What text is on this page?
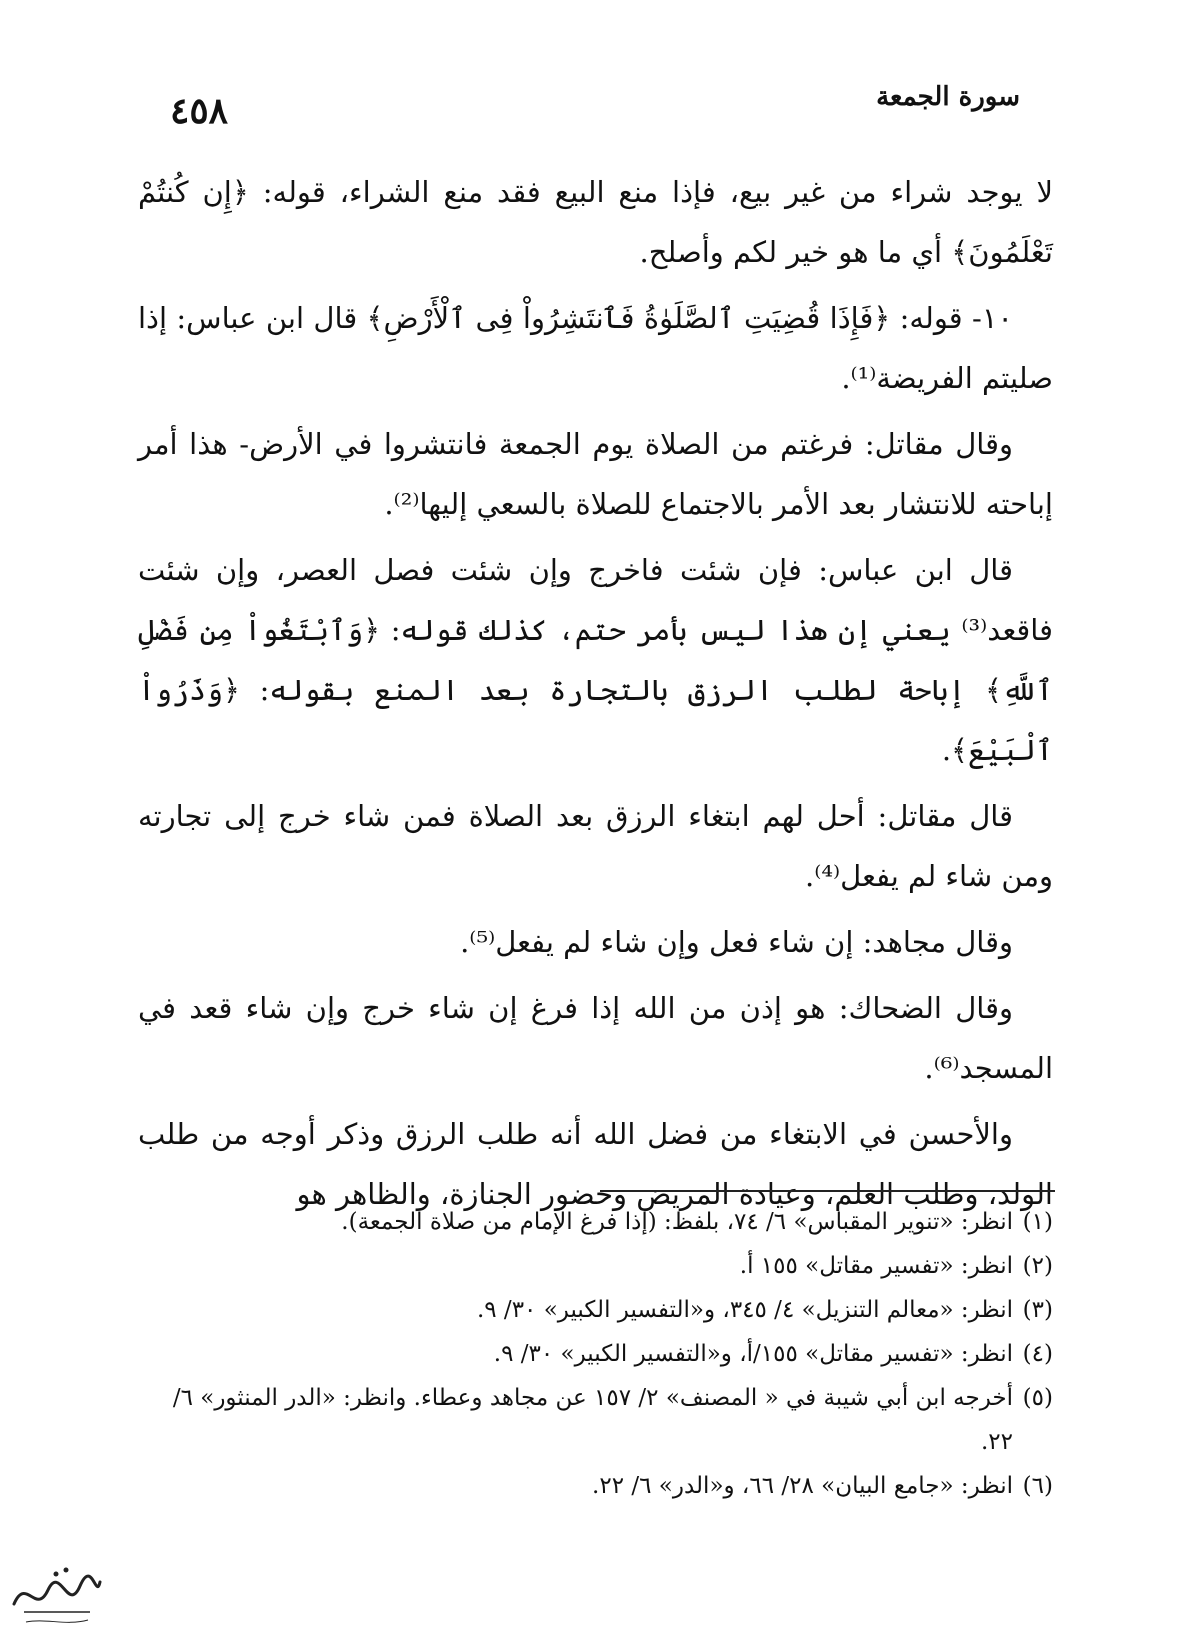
٤٥٨	سورة الجمعة

لا يوجد شراء من غير بيع، فإذا منع البيع فقد منع الشراء، قوله: ﴿إِن كُنتُمْ تَعْلَمُونَ﴾ أي ما هو خير لكم وأصلح.

١٠- قوله: ﴿فَإِذَا قُضِيَتِ ٱلصَّلَوٰةُ فَٱنتَشِرُواْ فِى ٱلْأَرْضِ﴾ قال ابن عباس: إذا صليتم الفريضة⁽¹⁾.

وقال مقاتل: فرغتم من الصلاة يوم الجمعة فانتشروا في الأرض- هذا أمر إباحته للانتشار بعد الأمر بالاجتماع للصلاة بالسعي إليها⁽²⁾.

قال ابن عباس: فإن شئت فاخرج وإن شئت فصل العصر، وإن شئت فاقعد⁽³⁾ يعني إن هذا ليس بأمر حتم، كذلك قوله: ﴿وَٱبْتَغُواْ مِن فَضْلِ ٱللَّهِ﴾ إباحة لطلب الرزق بالتجارة بعد المنع بقوله: ﴿وَذَرُواْ ٱلْبَيْعَ﴾.

قال مقاتل: أحل لهم ابتغاء الرزق بعد الصلاة فمن شاء خرج إلى تجارته ومن شاء لم يفعل⁽⁴⁾.

وقال مجاهد: إن شاء فعل وإن شاء لم يفعل⁽⁵⁾.

وقال الضحاك: هو إذن من الله إذا فرغ إن شاء خرج وإن شاء قعد في المسجد⁽⁶⁾.

والأحسن في الابتغاء من فضل الله أنه طلب الرزق وذكر أوجه من طلب الولد، وطلب العلم، وعيادة المريض وحضور الجنازة، والظاهر هو

(١)انظر: «تنوير المقباس» ٦/ ٧٤، بلفظ: (إذا فرغ الإمام من صلاة الجمعة).
(٢)انظر: «تفسير مقاتل» ١٥٥ أ.
(٣)انظر: «معالم التنزيل» ٤/ ٣٤٥، و«التفسير الكبير» ٣٠/ ٩.
(٤)انظر: «تفسير مقاتل» ١٥٥/أ، و«التفسير الكبير» ٣٠/ ٩.
(٥)أخرجه ابن أبي شيبة في « المصنف» ٢/ ١٥٧ عن مجاهد وعطاء. وانظر: «الدر المنثور» ٦/ ٢٢.
(٦)انظر: «جامع البيان» ٢٨/ ٦٦، و«الدر» ٦/ ٢٢.
